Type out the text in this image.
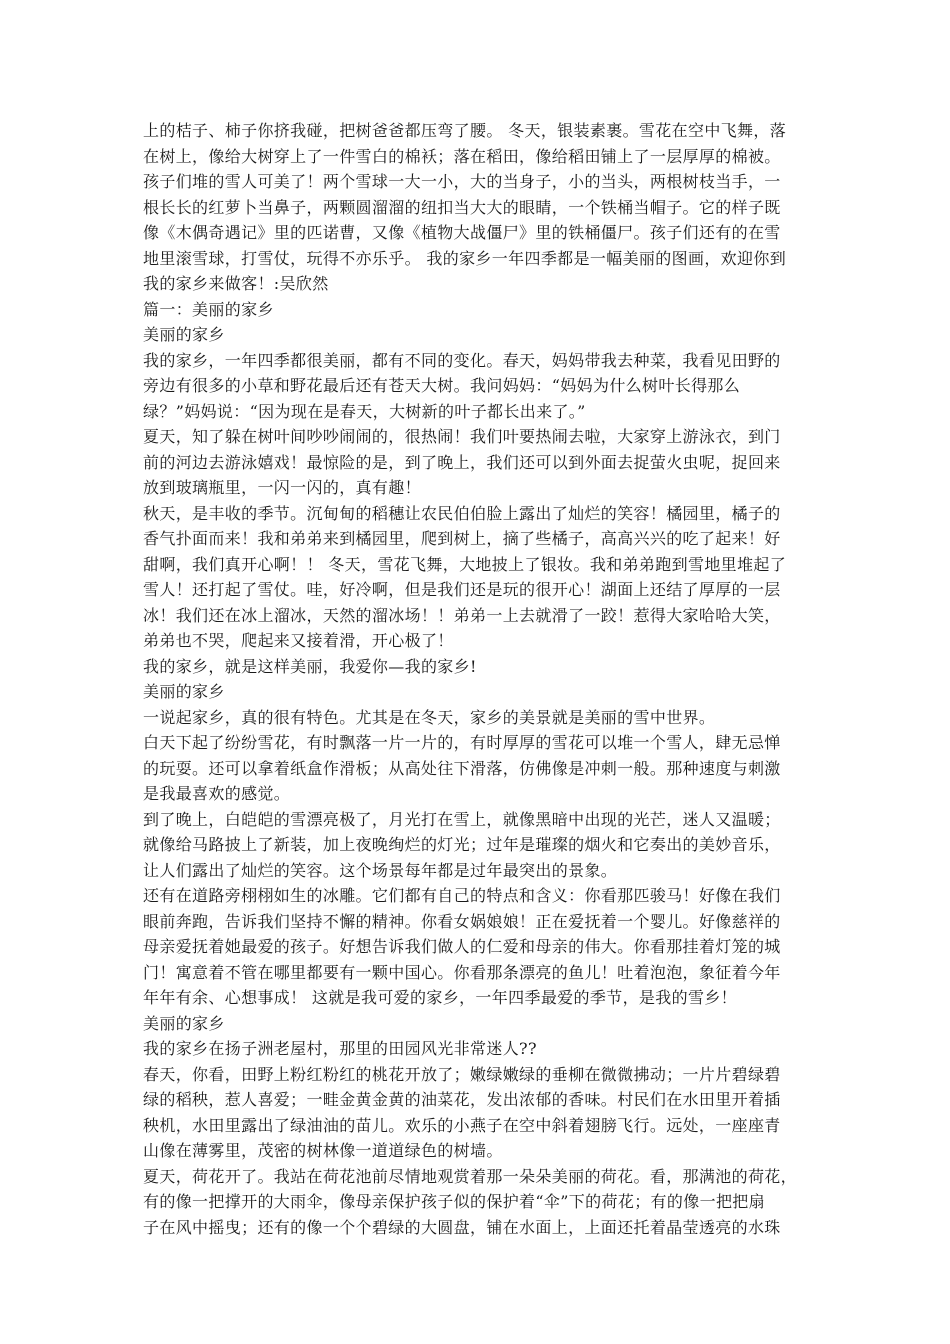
上的桔子、柿子你挤我碰，把树爸爸都压弯了腰。 冬天，银装素裹。雪花在空中飞舞，落
在树上，像给大树穿上了一件雪白的棉袄；落在稻田，像给稻田铺上了一层厚厚的棉被。
孩子们堆的雪人可美了！两个雪球一大一小，大的当身子，小的当头，两根树枝当手，一
根长长的红萝卜当鼻子，两颗圆溜溜的纽扣当大大的眼睛，一个铁桶当帽子。它的样子既
像《木偶奇遇记》里的匹诺曹，又像《植物大战僵尸》里的铁桶僵尸。孩子们还有的在雪
地里滚雪球，打雪仗，玩得不亦乐乎。 我的家乡一年四季都是一幅美丽的图画，欢迎你到
我的家乡来做客！:吴欣然
篇一：美丽的家乡
美丽的家乡
我的家乡，一年四季都很美丽，都有不同的变化。春天，妈妈带我去种菜，我看见田野的
旁边有很多的小草和野花最后还有苍天大树。我问妈妈：“妈妈为什么树叶长得那么
绿？”妈妈说：“因为现在是春天，大树新的叶子都长出来了。”
夏天，知了躲在树叶间吵吵闹闹的，很热闹！我们叶要热闹去啦，大家穿上游泳衣，到门
前的河边去游泳嬉戏！最惊险的是，到了晚上，我们还可以到外面去捉萤火虫呢，捉回来
放到玻璃瓶里，一闪一闪的，真有趣！
秋天，是丰收的季节。沉甸甸的稻穗让农民伯伯脸上露出了灿烂的笑容！橘园里，橘子的
香气扑面而来！我和弟弟来到橘园里，爬到树上，摘了些橘子，高高兴兴的吃了起来！好
甜啊，我们真开心啊！！ 冬天，雪花飞舞，大地披上了银妆。我和弟弟跑到雪地里堆起了
雪人！还打起了雪仗。哇，好冷啊，但是我们还是玩的很开心！湖面上还结了厚厚的一层
冰！我们还在冰上溜冰，天然的溜冰场！！弟弟一上去就滑了一跤！惹得大家哈哈大笑，
弟弟也不哭，爬起来又接着滑，开心极了！
我的家乡，就是这样美丽，我爱你—我的家乡!
美丽的家乡
一说起家乡，真的很有特色。尤其是在冬天，家乡的美景就是美丽的雪中世界。
白天下起了纷纷雪花，有时飘落一片一片的，有时厚厚的雪花可以堆一个雪人，肆无忌惮
的玩耍。还可以拿着纸盒作滑板；从高处往下滑落，仿佛像是冲刺一般。那种速度与刺激
是我最喜欢的感觉。
到了晚上，白皑皑的雪漂亮极了，月光打在雪上，就像黑暗中出现的光芒，迷人又温暖；
就像给马路披上了新装，加上夜晚绚烂的灯光；过年是璀璨的烟火和它奏出的美妙音乐，
让人们露出了灿烂的笑容。这个场景每年都是过年最突出的景象。
还有在道路旁栩栩如生的冰雕。它们都有自己的特点和含义：你看那匹骏马！好像在我们
眼前奔跑，告诉我们坚持不懈的精神。你看女娲娘娘！正在爱抚着一个婴儿。好像慈祥的
母亲爱抚着她最爱的孩子。好想告诉我们做人的仁爱和母亲的伟大。你看那挂着灯笼的城
门！寓意着不管在哪里都要有一颗中国心。你看那条漂亮的鱼儿！吐着泡泡，象征着今年
年年有余、心想事成！ 这就是我可爱的家乡，一年四季最爱的季节，是我的雪乡！
美丽的家乡
我的家乡在扬子洲老屋村，那里的田园风光非常迷人??
春天，你看，田野上粉红粉红的桃花开放了；嫩绿嫩绿的垂柳在微微拂动；一片片碧绿碧
绿的稻秧，惹人喜爱；一畦金黄金黄的油菜花，发出浓郁的香味。村民们在水田里开着插
秧机，水田里露出了绿油油的苗儿。欢乐的小燕子在空中斜着翅膀飞行。远处，一座座青
山像在薄雾里，茂密的树林像一道道绿色的树墙。
夏天，荷花开了。我站在荷花池前尽情地观赏着那一朵朵美丽的荷花。看，那满池的荷花，
有的像一把撑开的大雨伞，像母亲保护孩子似的保护着“伞”下的荷花；有的像一把把扇
子在风中摇曳；还有的像一个个碧绿的大圆盘，铺在水面上，上面还托着晶莹透亮的水珠
